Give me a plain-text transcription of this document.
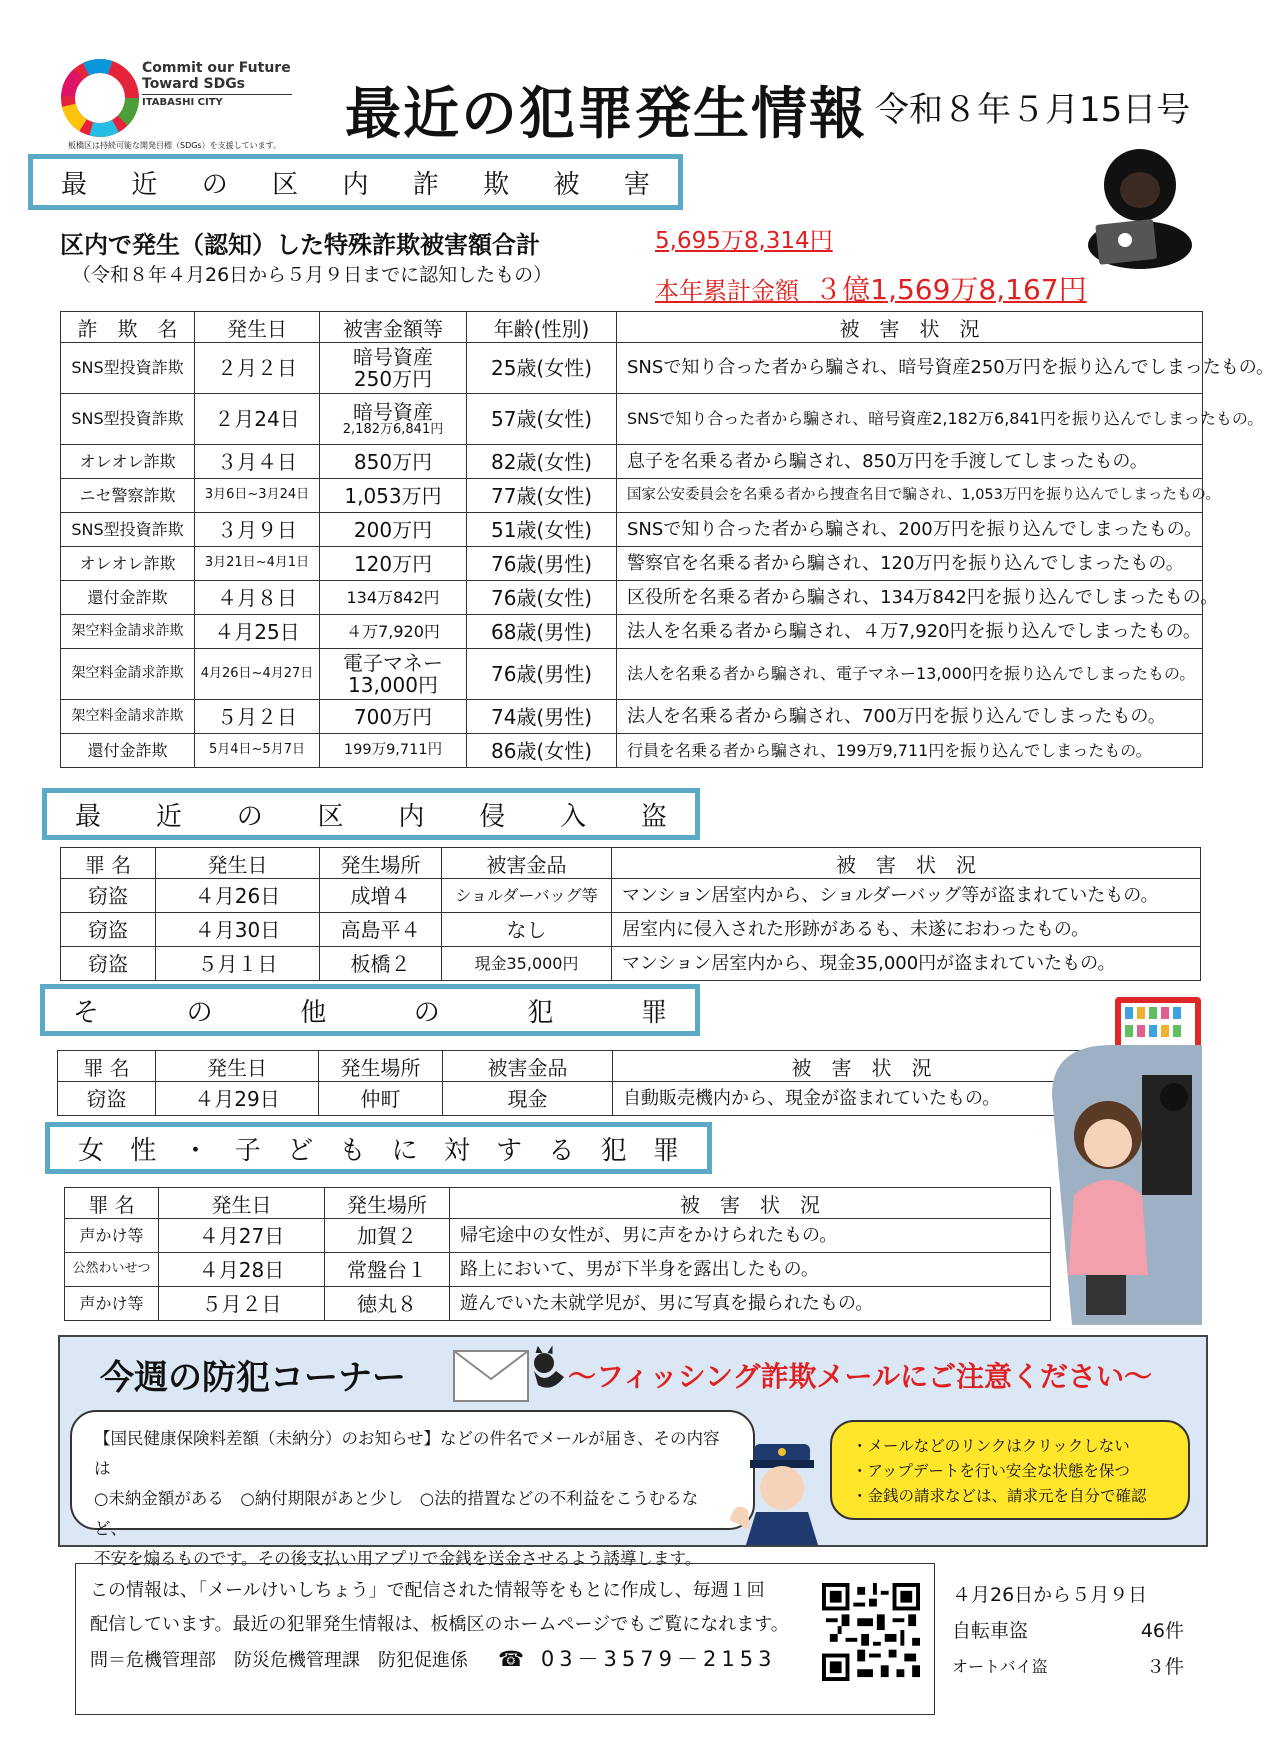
Commit our Future
Toward SDGs
ITABASHI CITY
板橋区は持続可能な開発目標（SDGs）を支援しています。 最近の犯罪発生情報 令和８年５月15日号
最 近 の 区 内 詐 欺 被 害
区内で発生（認知）した特殊詐欺被害額合計
（令和８年４月26日から５月９日までに認知したもの）
5,695万8,314円
本年累計金額 ３億1,569万8,167円
詐　欺　名	発生日	被害金額等	年齢(性別)	被　害　状　況
SNS型投資詐欺	２月２日	暗号資産
250万円	25歳(女性)	SNSで知り合った者から騙され、暗号資産250万円を振り込んでしまったもの。
SNS型投資詐欺	２月24日	暗号資産
2,182万6,841円	57歳(女性)	SNSで知り合った者から騙され、暗号資産2,182万6,841円を振り込んでしまったもの。
オレオレ詐欺	３月４日	850万円	82歳(女性)	息子を名乗る者から騙され、850万円を手渡してしまったもの。
ニセ警察詐欺	3月6日~3月24日	1,053万円	77歳(女性)	国家公安委員会を名乗る者から捜査名目で騙され、1,053万円を振り込んでしまったもの。
SNS型投資詐欺	３月９日	200万円	51歳(女性)	SNSで知り合った者から騙され、200万円を振り込んでしまったもの。
オレオレ詐欺	3月21日~4月1日	120万円	76歳(男性)	警察官を名乗る者から騙され、120万円を振り込んでしまったもの。
還付金詐欺	４月８日	134万842円	76歳(女性)	区役所を名乗る者から騙され、134万842円を振り込んでしまったもの。
架空料金請求詐欺	４月25日	４万7,920円	68歳(男性)	法人を名乗る者から騙され、４万7,920円を振り込んでしまったもの。
架空料金請求詐欺	4月26日~4月27日	電子マネー
13,000円	76歳(男性)	法人を名乗る者から騙され、電子マネー13,000円を振り込んでしまったもの。
架空料金請求詐欺	５月２日	700万円	74歳(男性)	法人を名乗る者から騙され、700万円を振り込んでしまったもの。
還付金詐欺	5月4日~5月7日	199万9,711円	86歳(女性)	行員を名乗る者から騙され、199万9,711円を振り込んでしまったもの。
最 近 の 区 内 侵 入 盗
罪 名	発生日	発生場所	被害金品	被　害　状　況
窃盗	４月26日	成増４	ショルダーバッグ等	マンション居室内から、ショルダーバッグ等が盗まれていたもの。
窃盗	４月30日	高島平４	なし	居室内に侵入された形跡があるも、未遂におわったもの。
窃盗	５月１日	板橋２	現金35,000円	マンション居室内から、現金35,000円が盗まれていたもの。
そ	の	他	の	犯	罪
罪 名	発生日	発生場所	被害金品	被　害　状　況
窃盗	４月29日	仲町	現金	自動販売機内から、現金が盗まれていたもの。
女 性 ・ 子 ど も に 対 す る 犯 罪
罪 名	発生日	発生場所	被　害　状　況
声かけ等	４月27日	加賀２	帰宅途中の女性が、男に声をかけられたもの。
公然わいせつ	４月28日	常盤台１	路上において、男が下半身を露出したもの。
声かけ等	５月２日	徳丸８	遊んでいた未就学児が、男に写真を撮られたもの。
今週の防犯コーナー	～フィッシング詐欺メールにご注意ください～
【国民健康保険料差額（未納分）のお知らせ】などの件名でメールが届き、その内容は
○未納金額がある　○納付期限があと少し　○法的措置などの不利益をこうむるなど、
不安を煽るものです。その後支払い用アプリで金銭を送金させるよう誘導します。
・メールなどのリンクはクリックしない
・アップデートを行い安全な状態を保つ
・金銭の請求などは、請求元を自分で確認
この情報は、「メールけいしちょう」で配信された情報等をもとに作成し、毎週１回
配信しています。最近の犯罪発生情報は、板橋区のホームページでもご覧になれます。
問＝危機管理部　防災危機管理課　防犯促進係 ☎ 03－3579－2153
４月26日から５月９日
自転車盗	46件
オートバイ盗	３件
